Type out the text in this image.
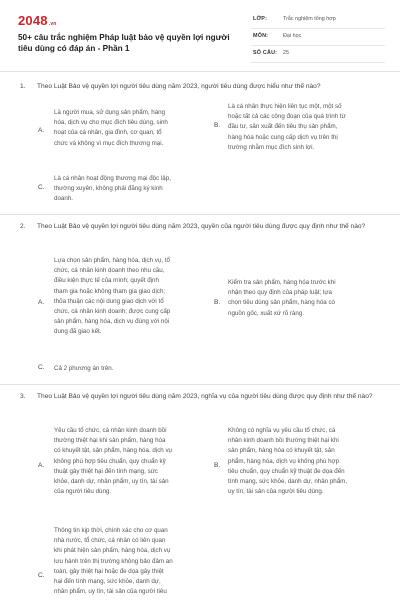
2048.vn
50+ câu trắc nghiệm Pháp luật bảo vệ quyền lợi người tiêu dùng có đáp án - Phần 1
LỚP:	Trắc nghiệm tổng hợp
MÔN:	Đại học
SỐ CÂU: 25
1. Theo Luật Bảo vệ quyền lợi người tiêu dùng năm 2023, người tiêu dùng được hiểu như thế nào?
A.
Là người mua, sử dụng sản phẩm, hàng
hóa, dịch vụ cho mục đích tiêu dùng, sinh
hoạt của cá nhân, gia đình, cơ quan, tổ
chức và không vì mục đích thương mại.
B.
Là cá nhân thực hiện liên tục một, một số
hoặc tất cả các công đoạn của quá trình từ
đầu tư, sản xuất đến tiêu thụ sản phẩm,
hàng hóa hoặc cung cấp dịch vụ trên thị
trường nhằm mục đích sinh lợi.
C.
Là cá nhân hoạt động thương mại độc lập,
thường xuyên, không phải đăng ký kinh
doanh.
2. Theo Luật Bảo vệ quyền lợi người tiêu dùng năm 2023, quyền của người tiêu dùng được quy định như thế nào?
A.
Lựa chọn sản phẩm, hàng hóa, dịch vụ, tổ
chức, cá nhân kinh doanh theo nhu cầu,
điều kiện thực tế của mình; quyết định
tham gia hoặc không tham gia giao dịch;
thỏa thuận các nội dung giao dịch với tổ
chức, cá nhân kinh doanh; được cung cấp
sản phẩm, hàng hóa, dịch vụ đúng với nội
dung đã giao kết.
B.
Kiểm tra sản phẩm, hàng hóa trước khi
nhận theo quy định của pháp luật; lựa
chọn tiêu dùng sản phẩm, hàng hóa có
nguồn gốc, xuất xứ rõ ràng.
C. Cả 2 phương án trên.
3. Theo Luật Bảo vệ quyền lợi người tiêu dùng năm 2023, nghĩa vụ của người tiêu dùng được quy định như thế nào?
A.
Yêu cầu tổ chức, cá nhân kinh doanh bồi
thường thiệt hại khi sản phẩm, hàng hóa
có khuyết tật, sản phẩm, hàng hóa, dịch vụ
không phù hợp tiêu chuẩn, quy chuẩn kỹ
thuật gây thiệt hại đến tính mạng, sức
khỏe, danh dự, nhân phẩm, uy tín, tài sản
của người tiêu dùng.
B.
Không có nghĩa vụ yêu cầu tổ chức, cá
nhân kinh doanh bồi thường thiệt hại khi
sản phẩm, hàng hóa có khuyết tật, sản
phẩm, hàng hóa, dịch vụ không phù hợp
tiêu chuẩn, quy chuẩn kỹ thuật đe dọa đến
tính mạng, sức khỏe, danh dự, nhân phẩm,
uy tín, tài sản của người tiêu dùng.
C.
Thông tin kịp thời, chính xác cho cơ quan
nhà nước, tổ chức, cá nhân có liên quan
khi phát hiện sản phẩm, hàng hóa, dịch vụ
lưu hành trên thị trường không bảo đảm an
toàn, gây thiệt hại hoặc đe dọa gây thiệt
hại đến tính mạng, sức khỏe, danh dự,
nhân phẩm, uy tín, tài sản của người tiêu
